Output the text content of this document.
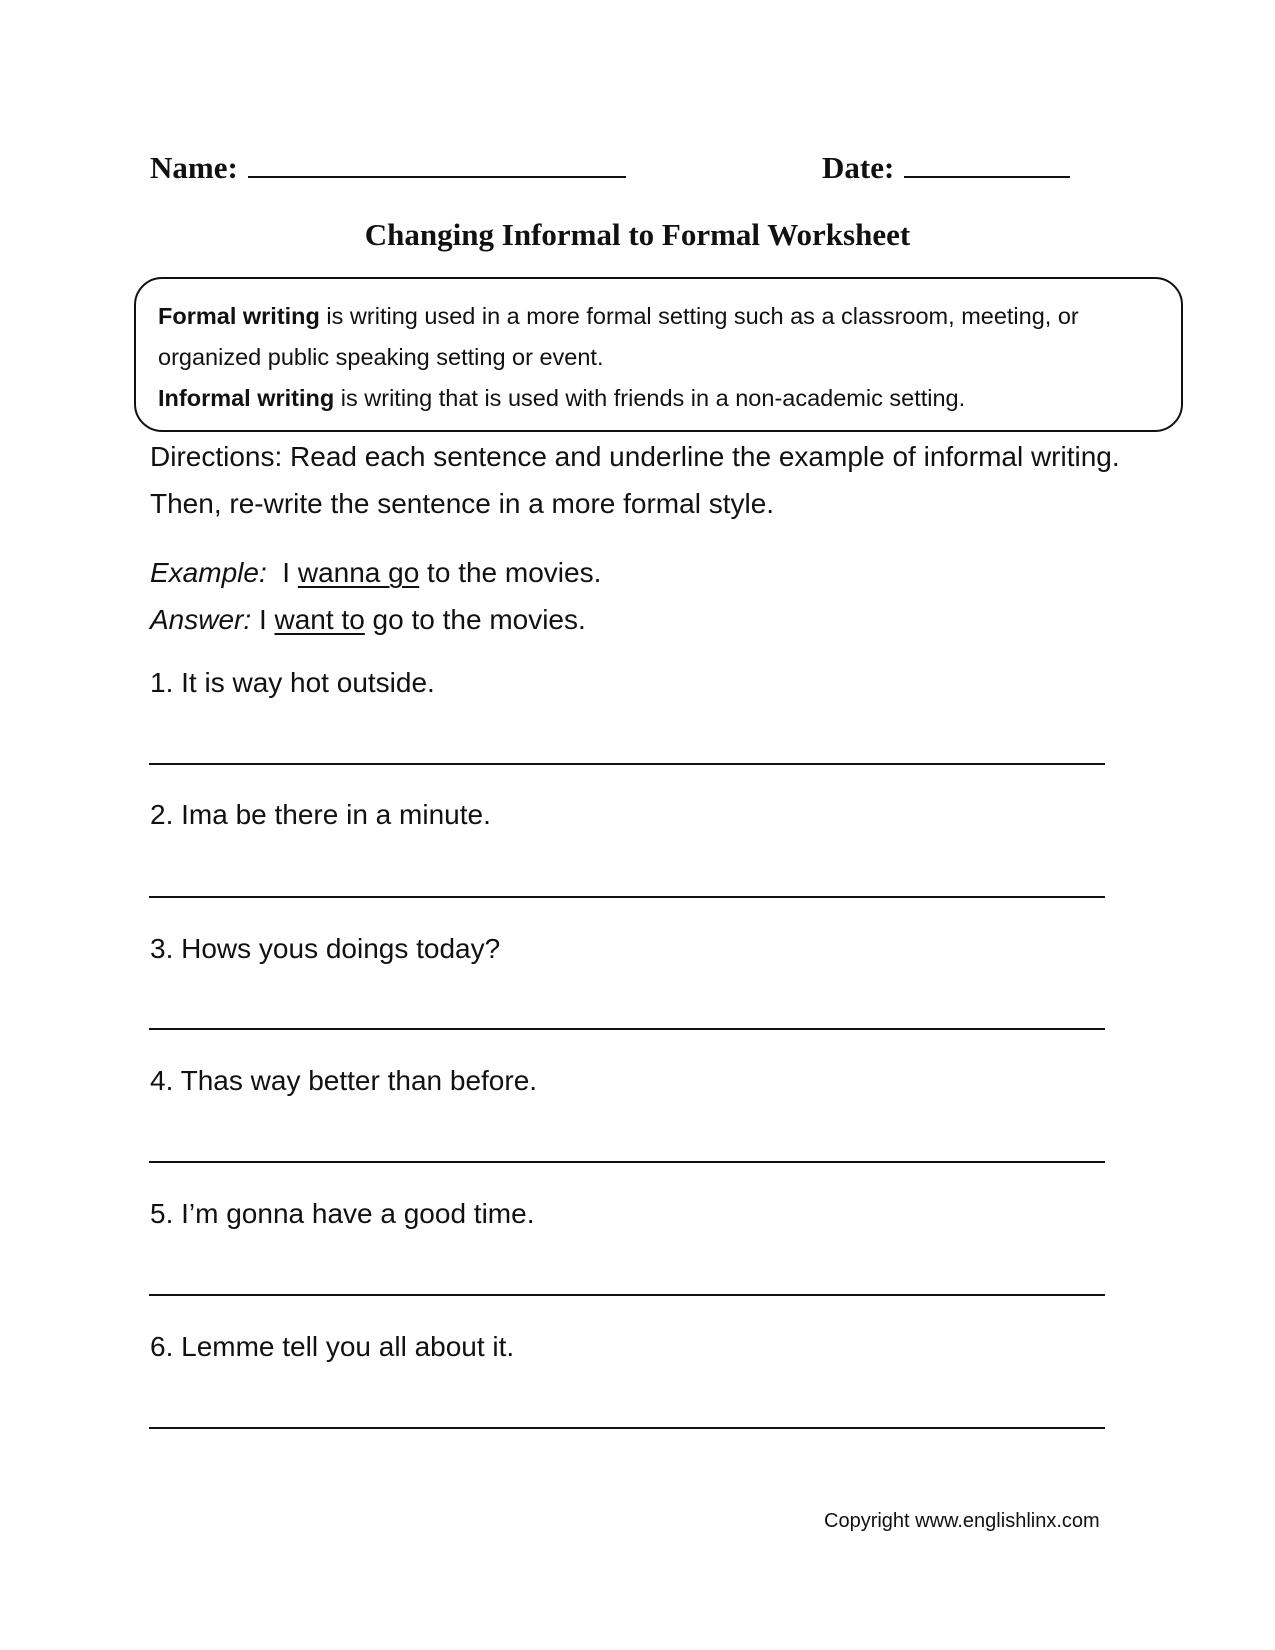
Name:	Date:
Changing Informal to Formal Worksheet

Formal writing is writing used in a more formal setting such as a classroom, meeting, or organized public speaking setting or event.

Informal writing is writing that is used with friends in a non-academic setting.

Directions: Read each sentence and underline the example of informal writing. Then, re-write the sentence in a more formal style.

Example: I wanna go to the movies.
Answer: I want to go to the movies.
1. It is way hot outside.
2. Ima be there in a minute.
3. Hows yous doings today?
4. Thas way better than before.
5. I’m gonna have a good time.
6. Lemme tell you all about it.
Copyright www.englishlinx.com
